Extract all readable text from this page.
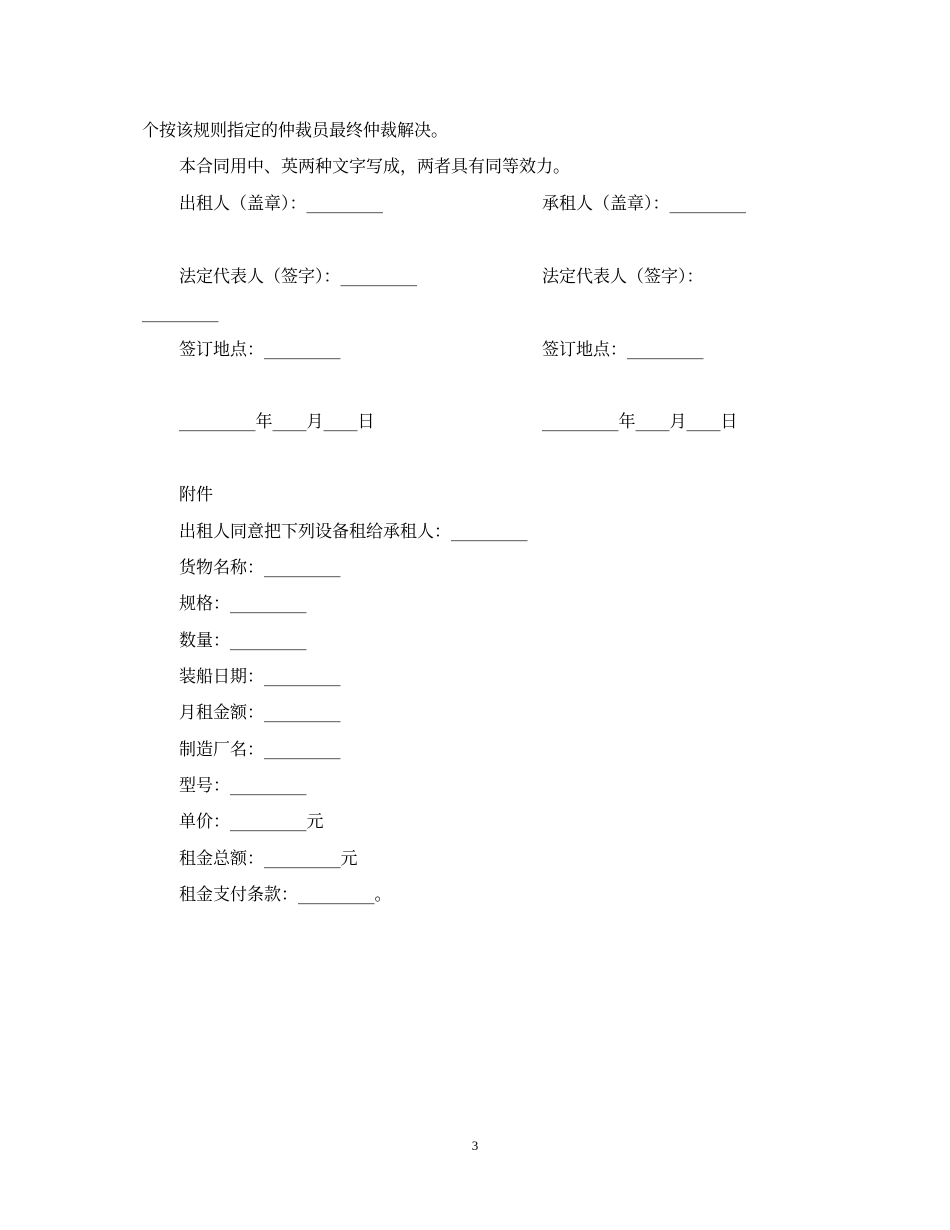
个按该规则指定的仲裁员最终仲裁解决。
本合同用中、英两种文字写成，两者具有同等效力。
出租人（盖章）：_________	承租人（盖章）：_________
法定代表人（签字）：_________	法定代表人（签字）：
_________
签订地点：_________	签订地点：_________
_________年____月____日	_________年____月____日
附件
出租人同意把下列设备租给承租人：_________
货物名称：_________
规格：_________
数量：_________
装船日期：_________
月租金额：_________
制造厂名：_________
型号：_________
单价：_________元
租金总额：_________元
租金支付条款：_________。
3
